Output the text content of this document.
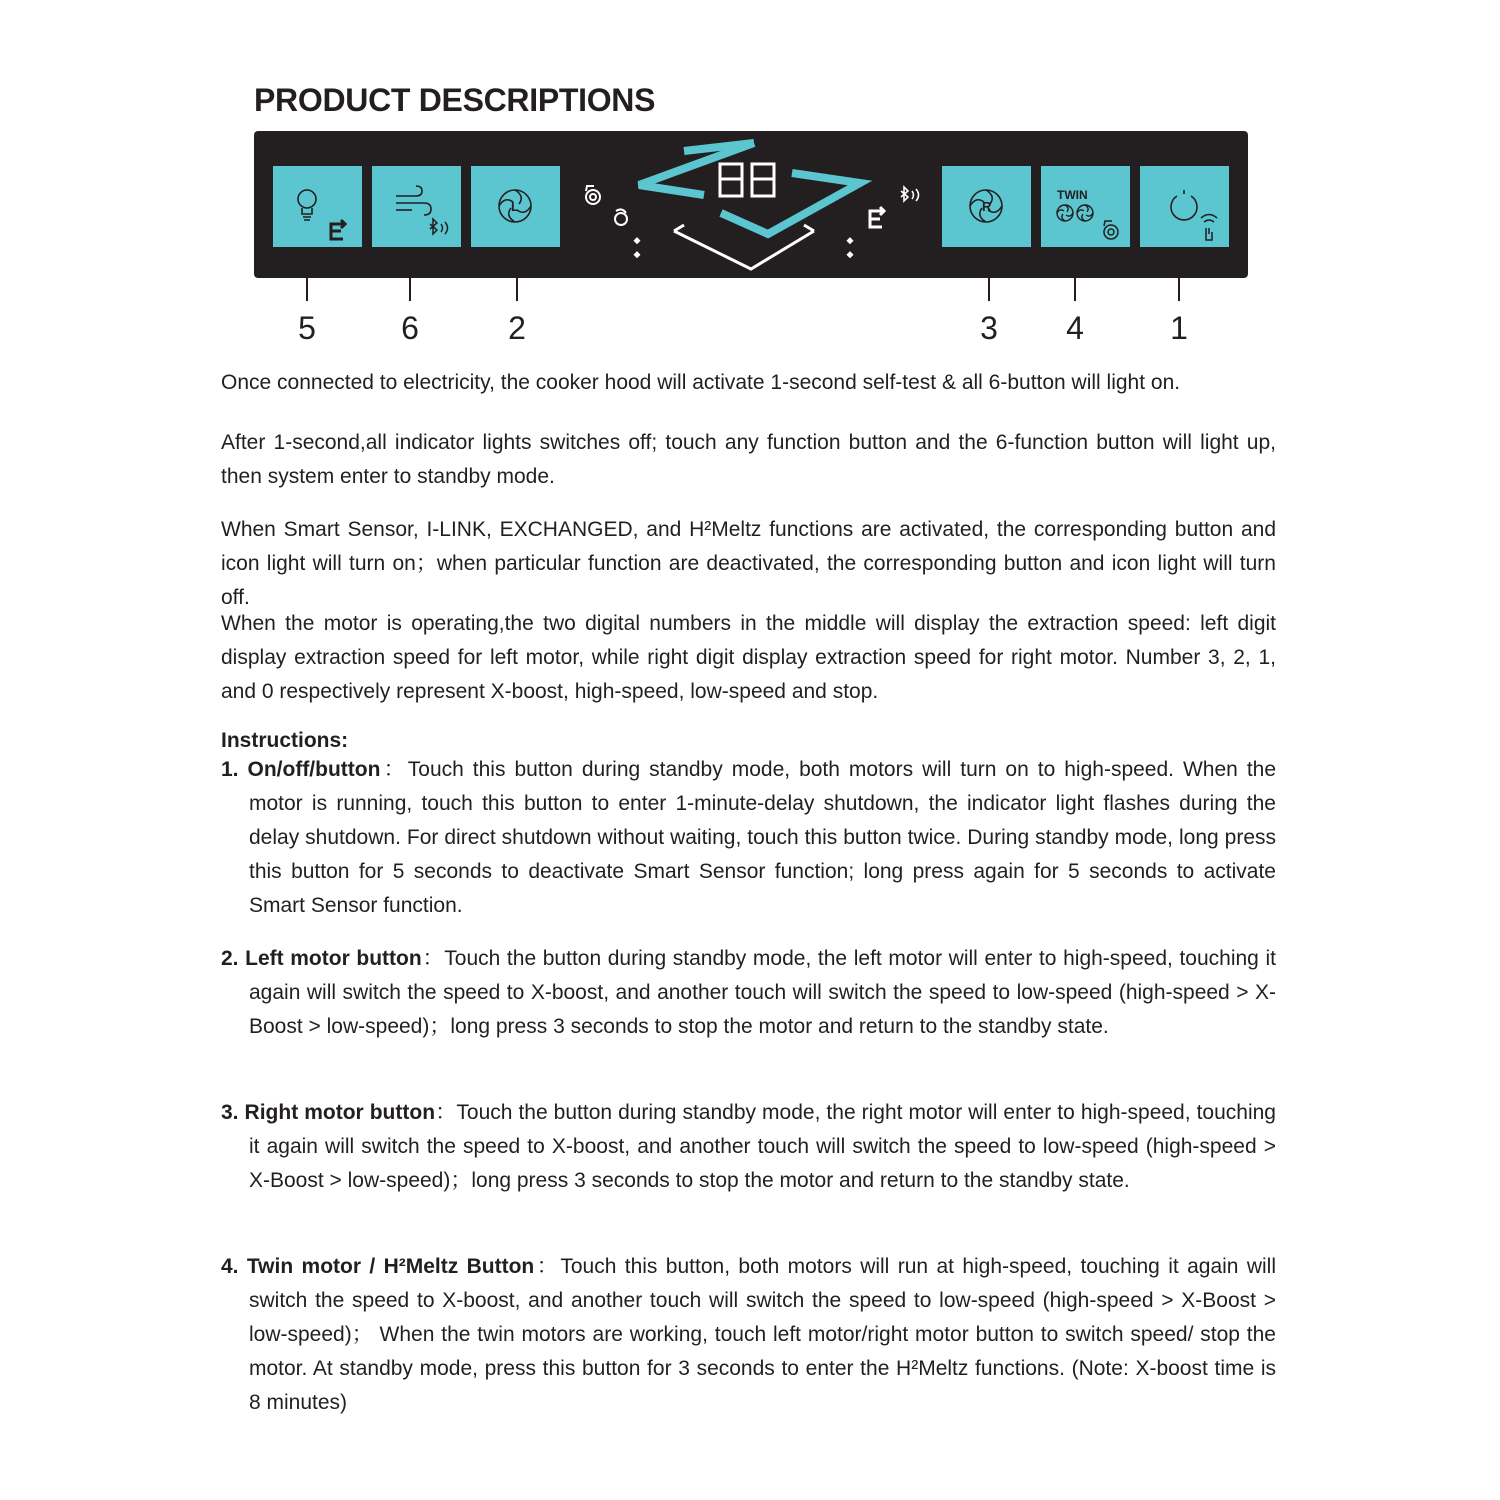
PRODUCT DESCRIPTIONS
L	R
TWIN
5	6	2	3	4	1

Once connected to electricity, the cooker hood will activate 1-second self-test & all 6-button will light on.

After 1-second,all indicator lights switches off; touch any function button and the 6-function button will light up, then system enter to standby mode.

When Smart Sensor, I-LINK, EXCHANGED, and H²Meltz functions are activated, the corresponding button and icon light will turn on；when particular function are deactivated, the corresponding button and icon light will turn off.

When the motor is operating,the two digital numbers in the middle will display the extraction speed: left digit display extraction speed for left motor, while right digit display extraction speed for right motor. Number 3, 2, 1, and 0 respectively represent X-boost, high-speed, low-speed and stop.

Instructions:

1. On/off/button：Touch this button during standby mode, both motors will turn on to high-speed. When the motor is running, touch this button to enter 1-minute-delay shutdown, the indicator light flashes during the delay shutdown. For direct shutdown without waiting, touch this button twice. During standby mode, long press this button for 5 seconds to deactivate Smart Sensor function; long press again for 5 seconds to activate Smart Sensor function.

2. Left motor button：Touch the button during standby mode, the left motor will enter to high-speed, touching it again will switch the speed to X-boost, and another touch will switch the speed to low-speed (high-speed > X-Boost > low-speed)；long press 3 seconds to stop the motor and return to the standby state.

3. Right motor button：Touch the button during standby mode, the right motor will enter to high-speed, touching it again will switch the speed to X-boost, and another touch will switch the speed to low-speed (high-speed > X-Boost > low-speed)；long press 3 seconds to stop the motor and return to the standby state.

4. Twin motor / H²Meltz Button：Touch this button, both motors will run at high-speed, touching it again will switch the speed to X-boost, and another touch will switch the speed to low-speed (high-speed > X-Boost > low-speed)； When the twin motors are working, touch left motor/right motor button to switch speed/ stop the motor. At standby mode, press this button for 3 seconds to enter the H²Meltz functions. (Note: X-boost time is 8 minutes)
